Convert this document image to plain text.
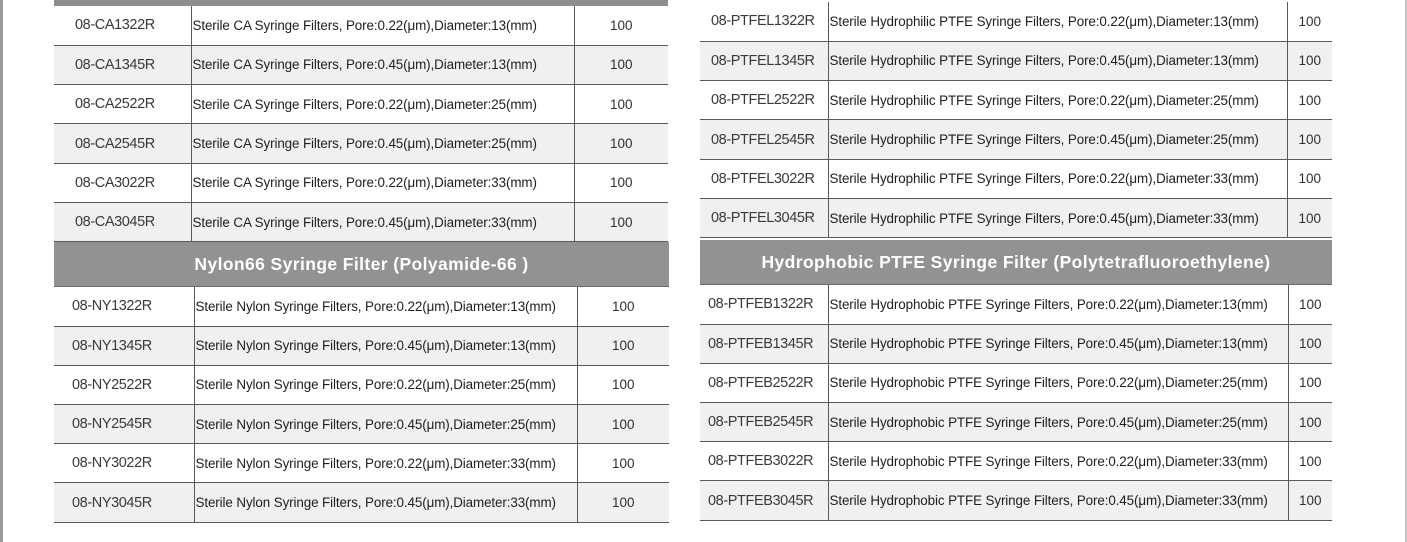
08-CA1322R	Sterile CA Syringe Filters, Pore:0.22(μm),Diameter:13(mm)	100
08-CA1345R	Sterile CA Syringe Filters, Pore:0.45(μm),Diameter:13(mm)	100
08-CA2522R	Sterile CA Syringe Filters, Pore:0.22(μm),Diameter:25(mm)	100
08-CA2545R	Sterile CA Syringe Filters, Pore:0.45(μm),Diameter:25(mm)	100
08-CA3022R	Sterile CA Syringe Filters, Pore:0.22(μm),Diameter:33(mm)	100
08-CA3045R	Sterile CA Syringe Filters, Pore:0.45(μm),Diameter:33(mm)	100
Nylon66 Syringe Filter (Polyamide-66 )
08-NY1322R	Sterile Nylon Syringe Filters, Pore:0.22(μm),Diameter:13(mm)	100
08-NY1345R	Sterile Nylon Syringe Filters, Pore:0.45(μm),Diameter:13(mm)	100
08-NY2522R	Sterile Nylon Syringe Filters, Pore:0.22(μm),Diameter:25(mm)	100
08-NY2545R	Sterile Nylon Syringe Filters, Pore:0.45(μm),Diameter:25(mm)	100
08-NY3022R	Sterile Nylon Syringe Filters, Pore:0.22(μm),Diameter:33(mm)	100
08-NY3045R	Sterile Nylon Syringe Filters, Pore:0.45(μm),Diameter:33(mm)	100
08-PTFEL1322R	Sterile Hydrophilic PTFE Syringe Filters, Pore:0.22(μm),Diameter:13(mm)	100
08-PTFEL1345R	Sterile Hydrophilic PTFE Syringe Filters, Pore:0.45(μm),Diameter:13(mm)	100
08-PTFEL2522R	Sterile Hydrophilic PTFE Syringe Filters, Pore:0.22(μm),Diameter:25(mm)	100
08-PTFEL2545R	Sterile Hydrophilic PTFE Syringe Filters, Pore:0.45(μm),Diameter:25(mm)	100
08-PTFEL3022R	Sterile Hydrophilic PTFE Syringe Filters, Pore:0.22(μm),Diameter:33(mm)	100
08-PTFEL3045R	Sterile Hydrophilic PTFE Syringe Filters, Pore:0.45(μm),Diameter:33(mm)	100
Hydrophobic PTFE Syringe Filter (Polytetrafluoroethylene)
08-PTFEB1322R	Sterile Hydrophobic PTFE Syringe Filters, Pore:0.22(μm),Diameter:13(mm)	100
08-PTFEB1345R	Sterile Hydrophobic PTFE Syringe Filters, Pore:0.45(μm),Diameter:13(mm)	100
08-PTFEB2522R	Sterile Hydrophobic PTFE Syringe Filters, Pore:0.22(μm),Diameter:25(mm)	100
08-PTFEB2545R	Sterile Hydrophobic PTFE Syringe Filters, Pore:0.45(μm),Diameter:25(mm)	100
08-PTFEB3022R	Sterile Hydrophobic PTFE Syringe Filters, Pore:0.22(μm),Diameter:33(mm)	100
08-PTFEB3045R	Sterile Hydrophobic PTFE Syringe Filters, Pore:0.45(μm),Diameter:33(mm)	100
